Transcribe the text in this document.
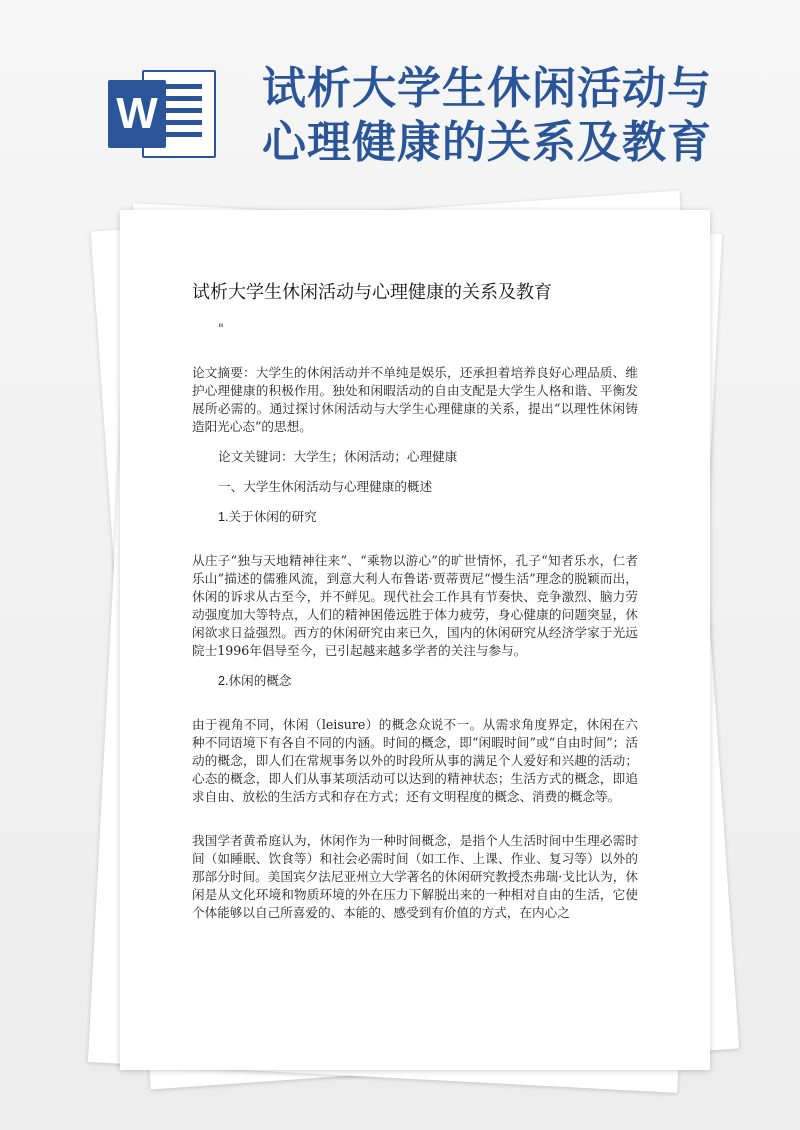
W 试析大学生休闲活动与
心理健康的关系及教育
试析大学生休闲活动与心理健康的关系及教育
"
论文摘要：大学生的休闲活动并不单纯是娱乐，还承担着培养良好心理品质、维护心理健康的积极作用。独处和闲暇活动的自由支配是大学生人格和谐、平衡发展所必需的。通过探讨休闲活动与大学生心理健康的关系，提出“以理性休闲铸造阳光心态”的思想。
论文关键词：大学生；休闲活动；心理健康
一、大学生休闲活动与心理健康的概述
1.关于休闲的研究
从庄子“独与天地精神往来”、“乘物以游心”的旷世情怀，孔子“知者乐水，仁者乐山”描述的儒雅风流，到意大利人布鲁诺·贾蒂贾尼“慢生活”理念的脱颖而出，休闲的诉求从古至今，并不鲜见。现代社会工作具有节奏快、竞争激烈、脑力劳动强度加大等特点，人们的精神困倦远胜于体力疲劳，身心健康的问题突显，休闲欲求日益强烈。西方的休闲研究由来已久，国内的休闲研究从经济学家于光远院士1996年倡导至今，已引起越来越多学者的关注与参与。
2.休闲的概念
由于视角不同，休闲（leisure）的概念众说不一。从需求角度界定，休闲在六种不同语境下有各自不同的内涵。时间的概念，即“闲暇时间”或“自由时间”；活动的概念，即人们在常规事务以外的时段所从事的满足个人爱好和兴趣的活动；心态的概念，即人们从事某项活动可以达到的精神状态；生活方式的概念，即追求自由、放松的生活方式和存在方式；还有文明程度的概念、消费的概念等。
我国学者黄希庭认为，休闲作为一种时间概念，是指个人生活时间中生理必需时间（如睡眠、饮食等）和社会必需时间（如工作、上课、作业、复习等）以外的那部分时间。美国宾夕法尼亚州立大学著名的休闲研究教授杰弗瑞·戈比认为，休闲是从文化环境和物质环境的外在压力下解脱出来的一种相对自由的生活，它使个体能够以自己所喜爱的、本能的、感受到有价值的方式，在内心之
